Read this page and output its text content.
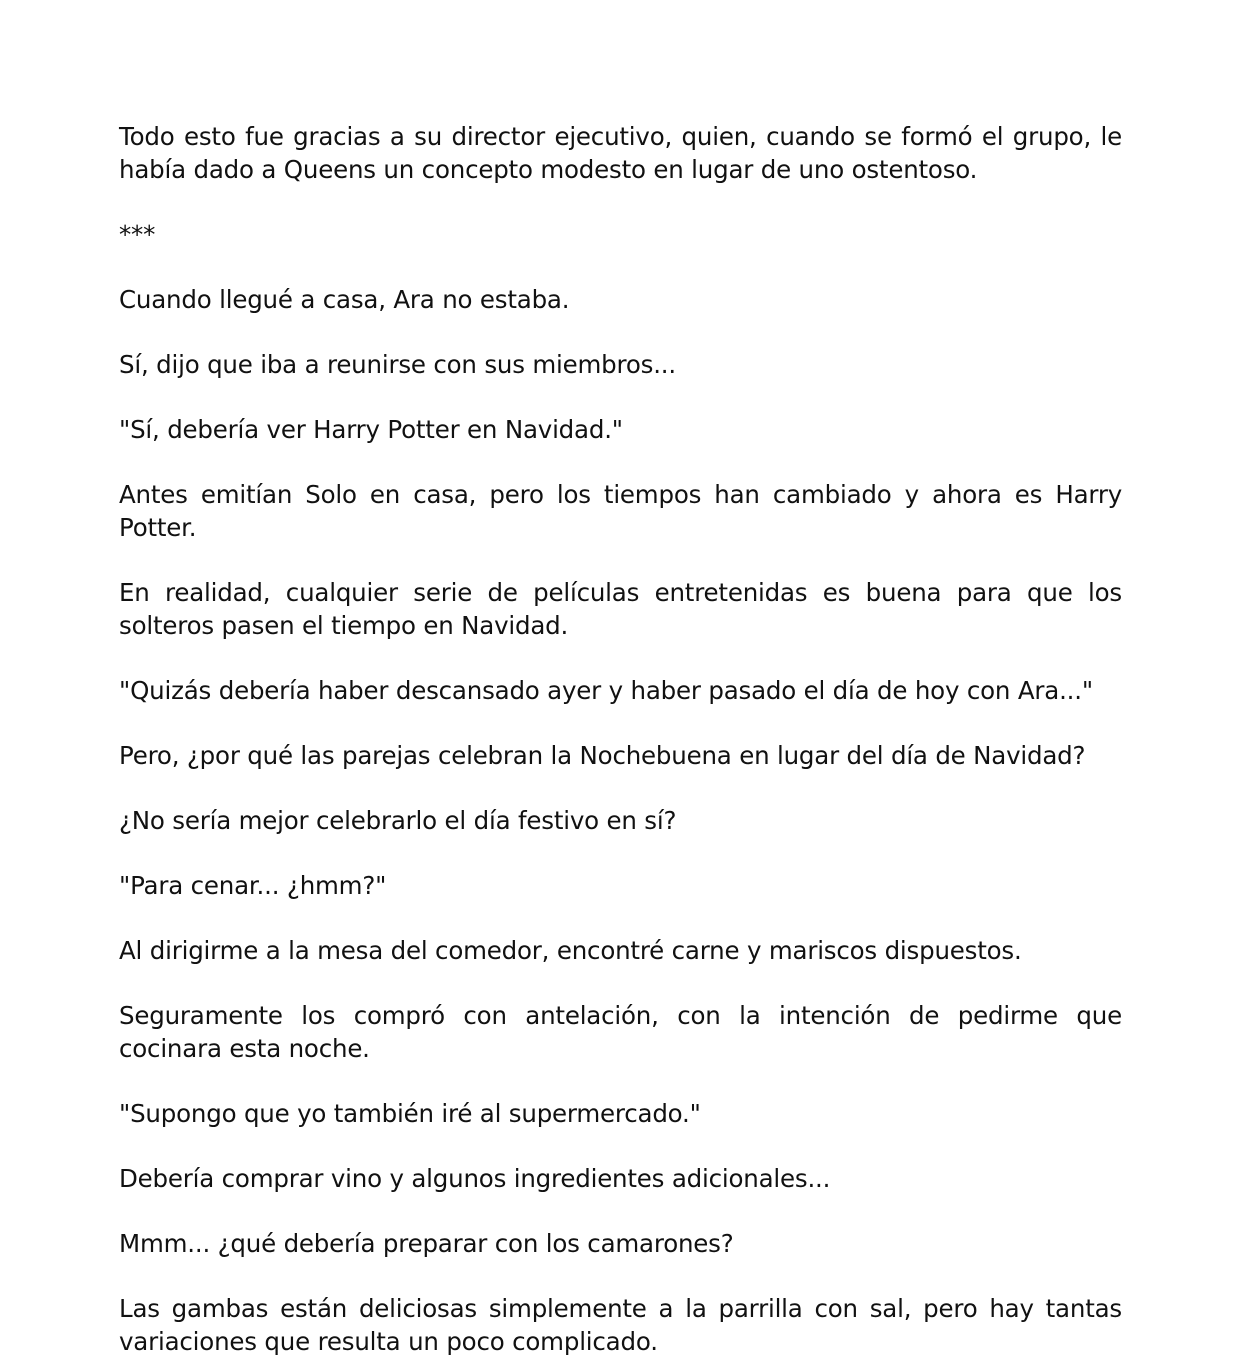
Todo esto fue gracias a su director ejecutivo, quien, cuando se formó el grupo, le había dado a Queens un concepto modesto en lugar de uno ostentoso.

***

Cuando llegué a casa, Ara no estaba.

Sí, dijo que iba a reunirse con sus miembros...

"Sí, debería ver Harry Potter en Navidad."

Antes emitían Solo en casa, pero los tiempos han cambiado y ahora es Harry Potter.

En realidad, cualquier serie de películas entretenidas es buena para que los solteros pasen el tiempo en Navidad.

"Quizás debería haber descansado ayer y haber pasado el día de hoy con Ara..."

Pero, ¿por qué las parejas celebran la Nochebuena en lugar del día de Navidad?

¿No sería mejor celebrarlo el día festivo en sí?

"Para cenar... ¿hmm?"

Al dirigirme a la mesa del comedor, encontré carne y mariscos dispuestos.

Seguramente los compró con antelación, con la intención de pedirme que cocinara esta noche.

"Supongo que yo también iré al supermercado."

Debería comprar vino y algunos ingredientes adicionales...

Mmm... ¿qué debería preparar con los camarones?

Las gambas están deliciosas simplemente a la parrilla con sal, pero hay tantas variaciones que resulta un poco complicado.
